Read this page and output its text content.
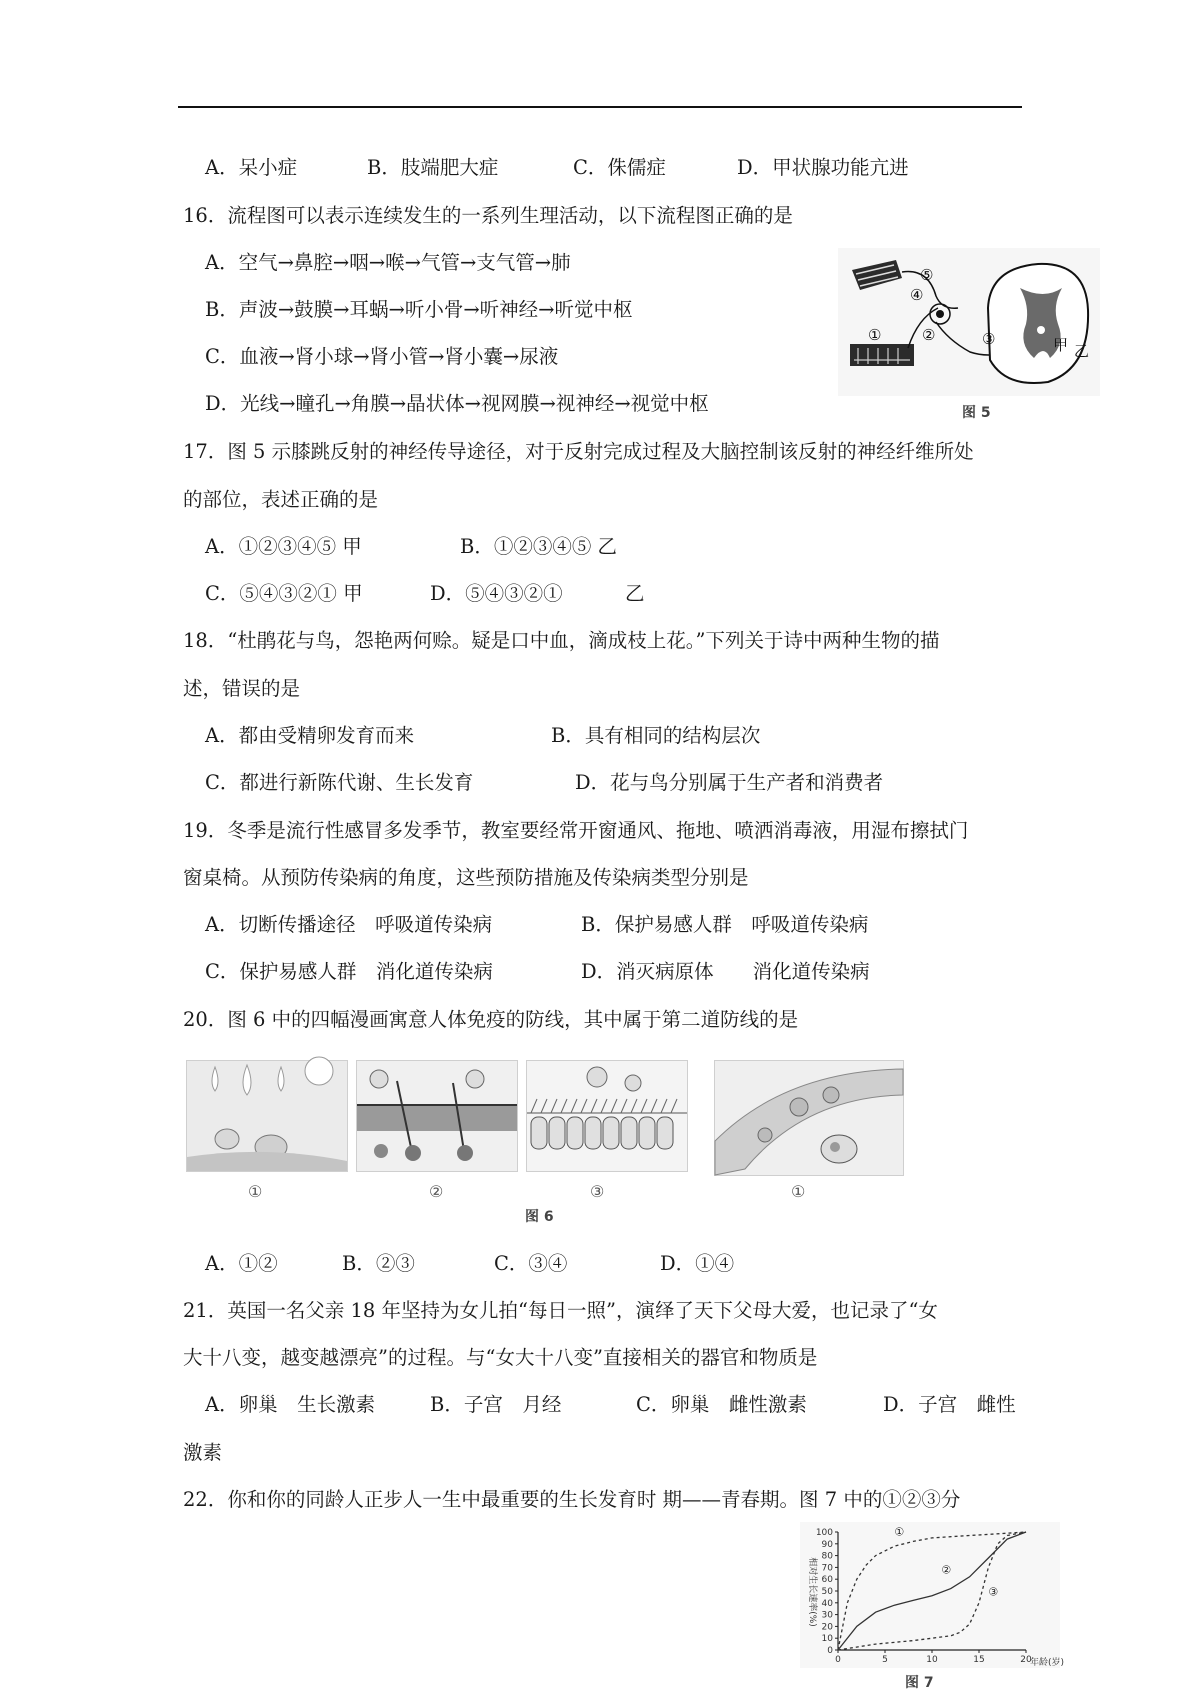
A．呆小症	B．肢端肥大症	C．侏儒症	D．甲状腺功能亢进
16．流程图可以表示连续发生的一系列生理活动，以下流程图正确的是
A．空气→鼻腔→咽→喉→气管→支气管→肺
B．声波→鼓膜→耳蜗→听小骨→听神经→听觉中枢
C．血液→肾小球→肾小管→肾小囊→尿液
D．光线→瞳孔→角膜→晶状体→视网膜→视神经→视觉中枢
③
①	②
④
⑤
甲 乙
图 5
17．图 5 示膝跳反射的神经传导途径，对于反射完成过程及大脑控制该反射的神经纤维所处
的部位，表述正确的是
A．①②③④⑤ 甲	B．①②③④⑤ 乙
C．⑤④③②① 甲	D．⑤④③②①	乙
18．“杜鹃花与鸟，怨艳两何赊。疑是口中血，滴成枝上花。”下列关于诗中两种生物的描
述，错误的是
A．都由受精卵发育而来	B．具有相同的结构层次
C．都进行新陈代谢、生长发育	D．花与鸟分别属于生产者和消费者
19．冬季是流行性感冒多发季节，教室要经常开窗通风、拖地、喷洒消毒液，用湿布擦拭门
窗桌椅。从预防传染病的角度，这些预防措施及传染病类型分别是
A．切断传播途径　呼吸道传染病	B．保护易感人群　呼吸道传染病
C．保护易感人群　消化道传染病	D．消灭病原体　　消化道传染病
20．图 6 中的四幅漫画寓意人体免疫的防线，其中属于第二道防线的是
①	②	③	①
图 6
A．①②	B．②③	C．③④	D．①④
21．英国一名父亲 18 年坚持为女儿拍“每日一照”，演绎了天下父母大爱，也记录了“女
大十八变，越变越漂亮”的过程。与“女大十八变”直接相关的器官和物质是
A．卵巢　生长激素	B．子宫　月经	C．卵巢　雌性激素	D．子宫　雌性
激素
22．你和你的同龄人正步人一生中最重要的生长发育时 期——青春期。图 7 中的①②③分
相对生长速率(%)
0
10
20
30
40
50
60
70
80
90
100
0	5	10	15	20
①
②
③
年龄(岁)
图 7
